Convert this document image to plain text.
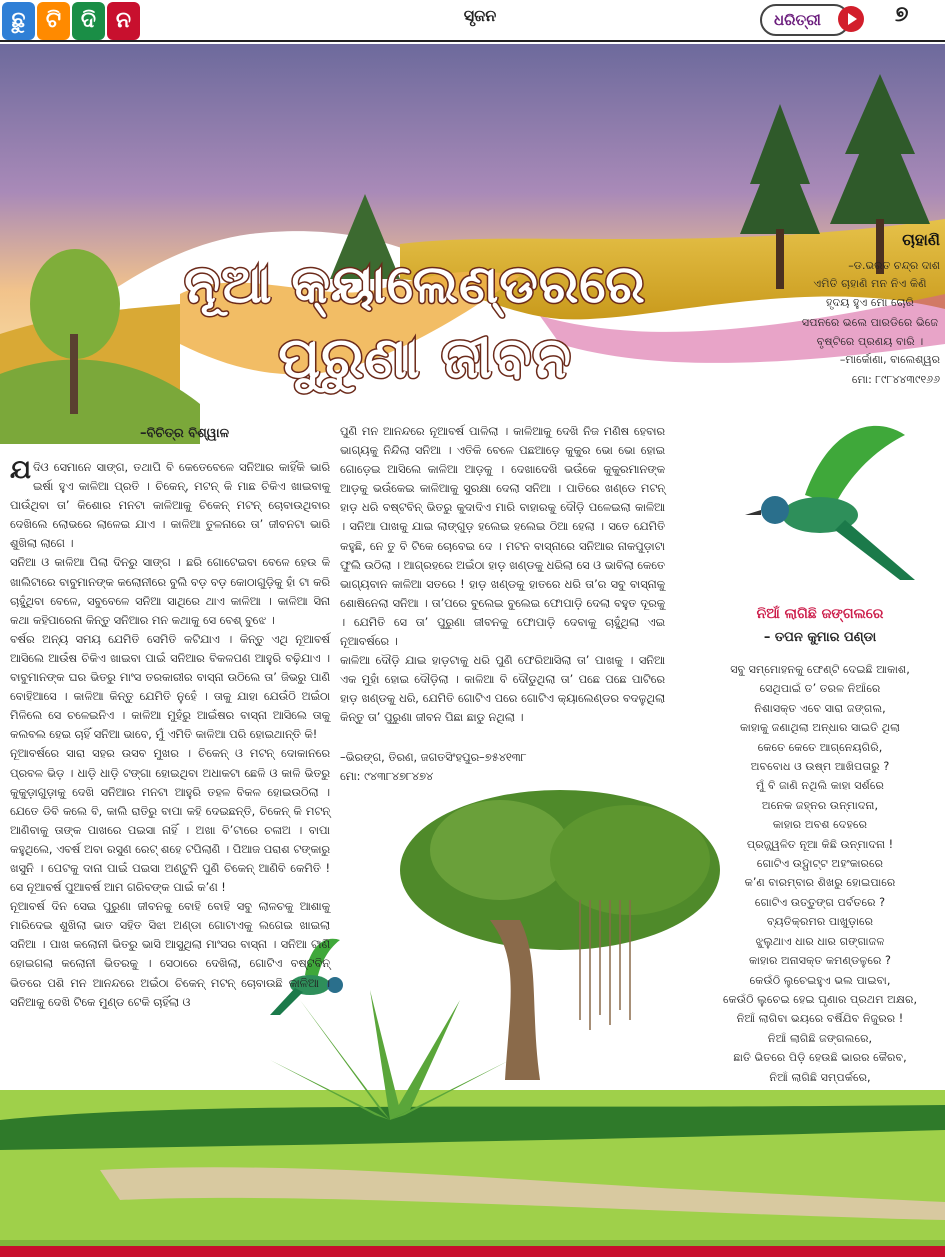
ଛୁ ଟି ଦି ନ	ସୃଜନ	ଧରିତ୍ରୀ	୭
ନୂଆ କ୍ୟାଲେଣ୍ଡରରେ
ପୁରୁଣା ଜୀବନ
ଚାହାଣି
–ଡ.ଭରତ ଚନ୍ଦ୍ର ଦାଶ

ଏମିତି ଚାହାଣି ମନ ନିଏ କିଣି

ହୃଦୟ ହୁଏ ମୋ ଚୋରି

ସପନରେ ଭଲେ ପାରଡିରେ ଭିଜେ

ବୃଷ୍ଟିରେ ପ୍ରଣୟ ବାରି ।

–ମାର୍କୋଣା, ବାଲେଶ୍ୱର
ମୋ: ୮୯୮୪୪୩୯୧୬୬
–ବିଚିତ୍ର ବିଶ୍ୱାଳ
ଯଦିଓ ସେମାନେ ସାଙ୍ଗ, ତଥାପି ବି କେତେବେଳେ ସନିଆର କାହିଁକି ଭାରି ଇର୍ଷା ହୁଏ କାଳିଆ ପ୍ରତି । ଚିକେନ୍, ମଟନ୍ କି ମାଛ ଚିକିଏ ଖାଇବାକୁ ପାଉଁଥିବା ତା’ କିଶୋର ମନଟା କାଳିଆକୁ ଚିକେନ୍ ମଟନ୍ ଚୋବାଉଥିବାର ଦେଖିଲେ ଲୋଭରେ ଲାଳେଇ ଯାଏ । କାଳିଆ ତୁଳନାରେ ତା’ ଜୀବନଟା ଭାରି ଶୁଖିଲା ଲାଗେ ।

ସନିଆ ଓ କାଳିଆ ପିଲା ଦିନରୁ ସାଙ୍ଗ । ଛରି ଗୋଟେଇବା ବେଳେ ହେଉ କି ଖାଲିଟାରେ ବାବୁମାନଙ୍କ କଲୋନୀରେ ବୁଲି ବଡ଼ ବଡ଼ କୋଠାଗୁଡ଼ିକୁ ହାଁ ଟା କରି ଚାହୁଁଥିବା ବେଳେ, ସବୁବେଳେ ସନିଆ ସାଥିରେ ଥାଏ କାଳିଆ । କାଳିଆ ସିନା କଥା କହିପାରେନା କିନ୍ତୁ ସନିଆର ମନ କଥାକୁ ସେ ବେଶ୍ ବୁଝେ ।

ବର୍ଷର ଅନ୍ୟ ସମୟ ଯେମିତି ସେମିତି କଟିଯାଏ । କିନ୍ତୁ ଏଥି ନୂଆବର୍ଷ ଆସିଲେ ଆଉଁଷ ଚିକିଏ ଖାଇବା ପାଇଁ ସନିଆର ବିକଳପଣ ଆହୁରି ବଢ଼ିଯାଏ । ବାବୁମାନଙ୍କ ଘର ଭିତରୁ ମାଂସ ତରକାରୀର ବାସ୍ନା ଉଠିଲେ ତା’ ଜିଭରୁ ପାଣି ବୋହିଆସେ । କାଳିଆ କିନ୍ତୁ ଯେମିତି ନୁହେଁ । ତାକୁ ଯାହା ଯେଉଁଠି ଅଇଁଠା ମିଳିଲେ ସେ ଚଳେଇନିଏ । କାଳିଆ ମୁହଁରୁ ଆଇଁଷର ବାସ୍ନା ଆସିଲେ ତାକୁ କଲବଲ ହେଇ ଚାହିଁ ସନିଆ ଭାବେ, ମୁଁ ଏମିତି କାଳିଆ ପରି ହୋଇଥାନ୍ତି କି!

ନୂଆବର୍ଷରେ ସାରା ସହର ଉସବ ମୁଖର । ଚିକେନ୍ ଓ ମଟନ୍ ଦୋକାନରେ ପ୍ରବଳ ଭିଡ଼ । ଧାଡ଼ି ଧାଡ଼ି ଟଙ୍ଗା ହୋଇଥିବା ଅଧାକଟା ଛେଳି ଓ କାଳି ଭିତରୁ କୁକୁଡ଼ାଗୁଡ଼ାକୁ ଦେଖି ସନିଆର ମନଟା ଆହୁରି ତହଳ ବିକଳ ହୋଇଉଠିଲା । ଯେତେ ଡିବି କଲେ ବି, କାଲି ରାତିରୁ ବାପା କହି ଦେଇଛନ୍ତି, ଚିକେନ୍ କି ମଟନ୍ ଆଣିବାକୁ ତାଙ୍କ ପାଖରେ ପଇସା ନାହିଁ । ଅଖା ବି’ଟାରେ ଚଳାଅ । ବାପା କହୁଥିଲେ, ଏବର୍ଷ ଅବା ରସୁଣ ରେଟ୍ ଶହେ ଟପିଲାଣି । ପିଆଜ ପରାଶ ଟଙ୍କାରୁ ଖସୁନି । ପେଟକୁ ଦାନା ପାଇଁ ପଇସା ଅଣ୍ଟୁନି ପୁଣି ଚିକେନ୍ ଆଣିବି କେମିତି ! ସେ ନୂଆବର୍ଷ ପୁଆବର୍ଷ ଆମ ଗରିବଙ୍କ ପାଇଁ କ’ଣ !

ନୂଆବର୍ଷ ଦିନ ସେଇ ପୁରୁଣା ଜୀବନକୁ ବୋହି ବୋହି ସବୁ ଲାଳଚକୁ ଆଶାକୁ ମାରିଦେଇ ଶୁଖିଲା ଭାତ ସହିତ ସିଝା ଅଣ୍ଡା ଗୋଟାଏକୁ ଲଗେଇ ଖାଇଲା ସନିଆ । ପାଖ କଲୋନୀ ଭିତରୁ ଭାସି ଆସୁଥିଲା ମାଂସର ବାସ୍ନା । ସନିଆ ଟାଣି ହୋଇଗଲା କଲୋନୀ ଭିତରକୁ । ସେଠାରେ ଦେଖିଲା, ଗୋଟିଏ ବଷ୍ଟବିନ୍ ଭିତରେ ପଶି ମନ ଆନନ୍ଦରେ ଅଇଁଠା ଚିକେନ୍ ମଟନ୍ ଚୋବାଉଛି କାଳିଆ । ସନିଆକୁ ଦେଖି ଟିକେ ମୁଣ୍ଡ ଟେକି ଚାହିଁଲା ଓ

ପୁଣି ମନ ଆନନ୍ଦରେ ନୂଆବର୍ଷ ପାଳିଲା । କାଳିଆକୁ ଦେଖି ନିଜ ମଣିଷ ହେବାର ଭାଗ୍ୟକୁ ନିନ୍ଦିଲା ସନିଆ । ଏତିକି ବେଳେ ପଛଆଡ଼େ କୁକୁର ଭୋ ଭୋ ହୋଇ ଗୋଡ଼େଇ ଆସିଲେ କାଳିଆ ଆଡ଼କୁ । ଦେଖାଦେଖି ଭଉଁକେ କୁକୁରମାନଙ୍କ ଆଡ଼କୁ ଭଉଁକେଇ କାଳିଆକୁ ସୁରକ୍ଷା ଦେଲା ସନିଆ । ପାତିରେ ଖଣ୍ଡେ ମଟନ୍ ହାଡ଼ ଧରି ବଷ୍ଟବିନ୍ ଭିତରୁ କୁଦାଦିଏ ମାରି ବାହାରକୁ ଦୌଡ଼ି ପଳେଇଲା କାଳିଆ । ସନିଆ ପାଖକୁ ଯାଇ ଲାଙ୍ଗୁଡ଼ ହଲେଇ ହଲେଇ ଠିଆ ହେଲା । ସତେ ଯେମିତି କହୁଛି, ନେ ତୁ ବି ଟିକେ ଚୋବେଇ ଦେ । ମଟନ ବାସ୍ନାରେ ସନିଆର ନାକପୁଡ଼ାଟା ଫୁଲି ଉଠିଲା । ଆଗ୍ରହରେ ଅଇଁଠା ହାଡ଼ ଖଣ୍ଡକୁ ଧରିଲା ସେ ଓ ଭାବିଲା କେତେ ଭାଗ୍ୟବାନ କାଳିଆ ସତରେ ! ହାଡ଼ ଖଣ୍ଡକୁ ହାତରେ ଧରି ତା’ର ସବୁ ବାସ୍ନାକୁ ଶୋଷିନେଲା ସନିଆ । ତା’ପରେ ବୁଲେଇ ବୁଲେଇ ଫୋପାଡ଼ି ଦେଲା ବହୁତ ଦୂରକୁ । ଯେମିତି ସେ ତା’ ପୁରୁଣା ଜୀବନକୁ ଫୋପାଡ଼ି ଦେବାକୁ ଚାହୁଁଥିଲା ଏଇ ନୂଆବର୍ଷରେ ।

କାଳିଆ ଦୌଡ଼ି ଯାଇ ହାଡ଼ଟାକୁ ଧରି ପୁଣି ଫେରିଆସିଲା ତା’ ପାଖକୁ । ସନିଆ ଏକ ମୁହାଁ ହୋଇ ଦୌଡ଼ିଲା । କାଳିଆ ବି ଦୌଡୁଥିଲା ତା’ ପଛେ ପଛେ ପାଟିରେ ହାଡ଼ ଖଣ୍ଡକୁ ଧରି, ଯେମିତି ଗୋଟିଏ ପରେ ଗୋଟିଏ କ୍ୟାଲେଣ୍ଡର ବଦଳୁଥିଲା କିନ୍ତୁ ତା’ ପୁରୁଣା ଜୀବନ ପିଛା ଛାଡୁ ନଥିଲା ।

–ଭିରଙ୍ଗ, ତିରଣ, ଜଗତସିଂହପୁର–୭୫୪୧୩୮

ମୋ: ୯୪୩୮୪୭୮୪୭୪

ନିଆଁ ଲାଗିଛି ଜଙ୍ଗଲରେ
– ତପନ କୁମାର ପଣ୍ଡା

ସବୁ ସମ୍ମୋହନକୁ ଫେଣ୍ଟି ଦେଇଛି ଆକାଶ,

ସେଥିପାଇଁ ତ’ ତରଳ ନିଆଁରେ

ନିଶାସକ୍ତ ଏବେ ସାରା ଜଙ୍ଗଲ,

କାହାକୁ ଜଣାଥିଲା ଅନ୍ଧାର ସାଇତି ଥିଲା

କେତେ କେତେ ଆଗ୍ନେୟଗିରି,

ଅବବୋଧ ଓ ଉଷ୍ମ ଆଖିପତାରୁ ?

ମୁଁ ବି ଜାଣି ନଥିଲି କାହା ସର୍ଶରେ

ଅନେକ ଜହ୍ନର ଉନ୍ମାଦନା,

କାହାର ଅବଶ ଦେହରେ

ପ୍ରଜ୍ଜ୍ୱଳିତ ନୂଆ କିଛି ଉନ୍ମାଦନା !

ଗୋଟିଏ ଉଦ୍ଘାଟ୍ଟ ଅହଂକାରରେ

କ’ଣ ବାରମ୍ବାର ଶିଖରୁ ହୋଇପାରେ

ଗୋଟିଏ ଉତ୍ତୁଙ୍ଗ ପର୍ବତରେ ?

ବ୍ୟତିକ୍ରମର ପାଖୁଡ଼ାରେ

ଝୁଲୁଥାଏ ଧାର ଧାର ଗଙ୍ଗାଜଳ

କାହାର ଅନାସକ୍ତ କମଣ୍ଡଳୁରେ ?

କେଉଁଠି ଲୁଚେଇହୁଏ ଭଲ ପାଇବା,

କେଉଁଠି ଲୁଚେଇ ହେଇ ଘୃଣାର ପ୍ରଥମ ଅକ୍ଷର,

ନିଆଁ ଲାଗିବା ଭୟରେ ବର୍ଷିଯିବ ନିଜୁରର !

ନିଆଁ ଲାଗିଛି ଜଙ୍ଗଲରେ,

ଛାତି ଭିତରେ ପିଡ଼ି ହେଉଛି ଭାରର କୈରବ,

ନିଆଁ ଲାଗିଛି ସମ୍ପର୍କରେ,
